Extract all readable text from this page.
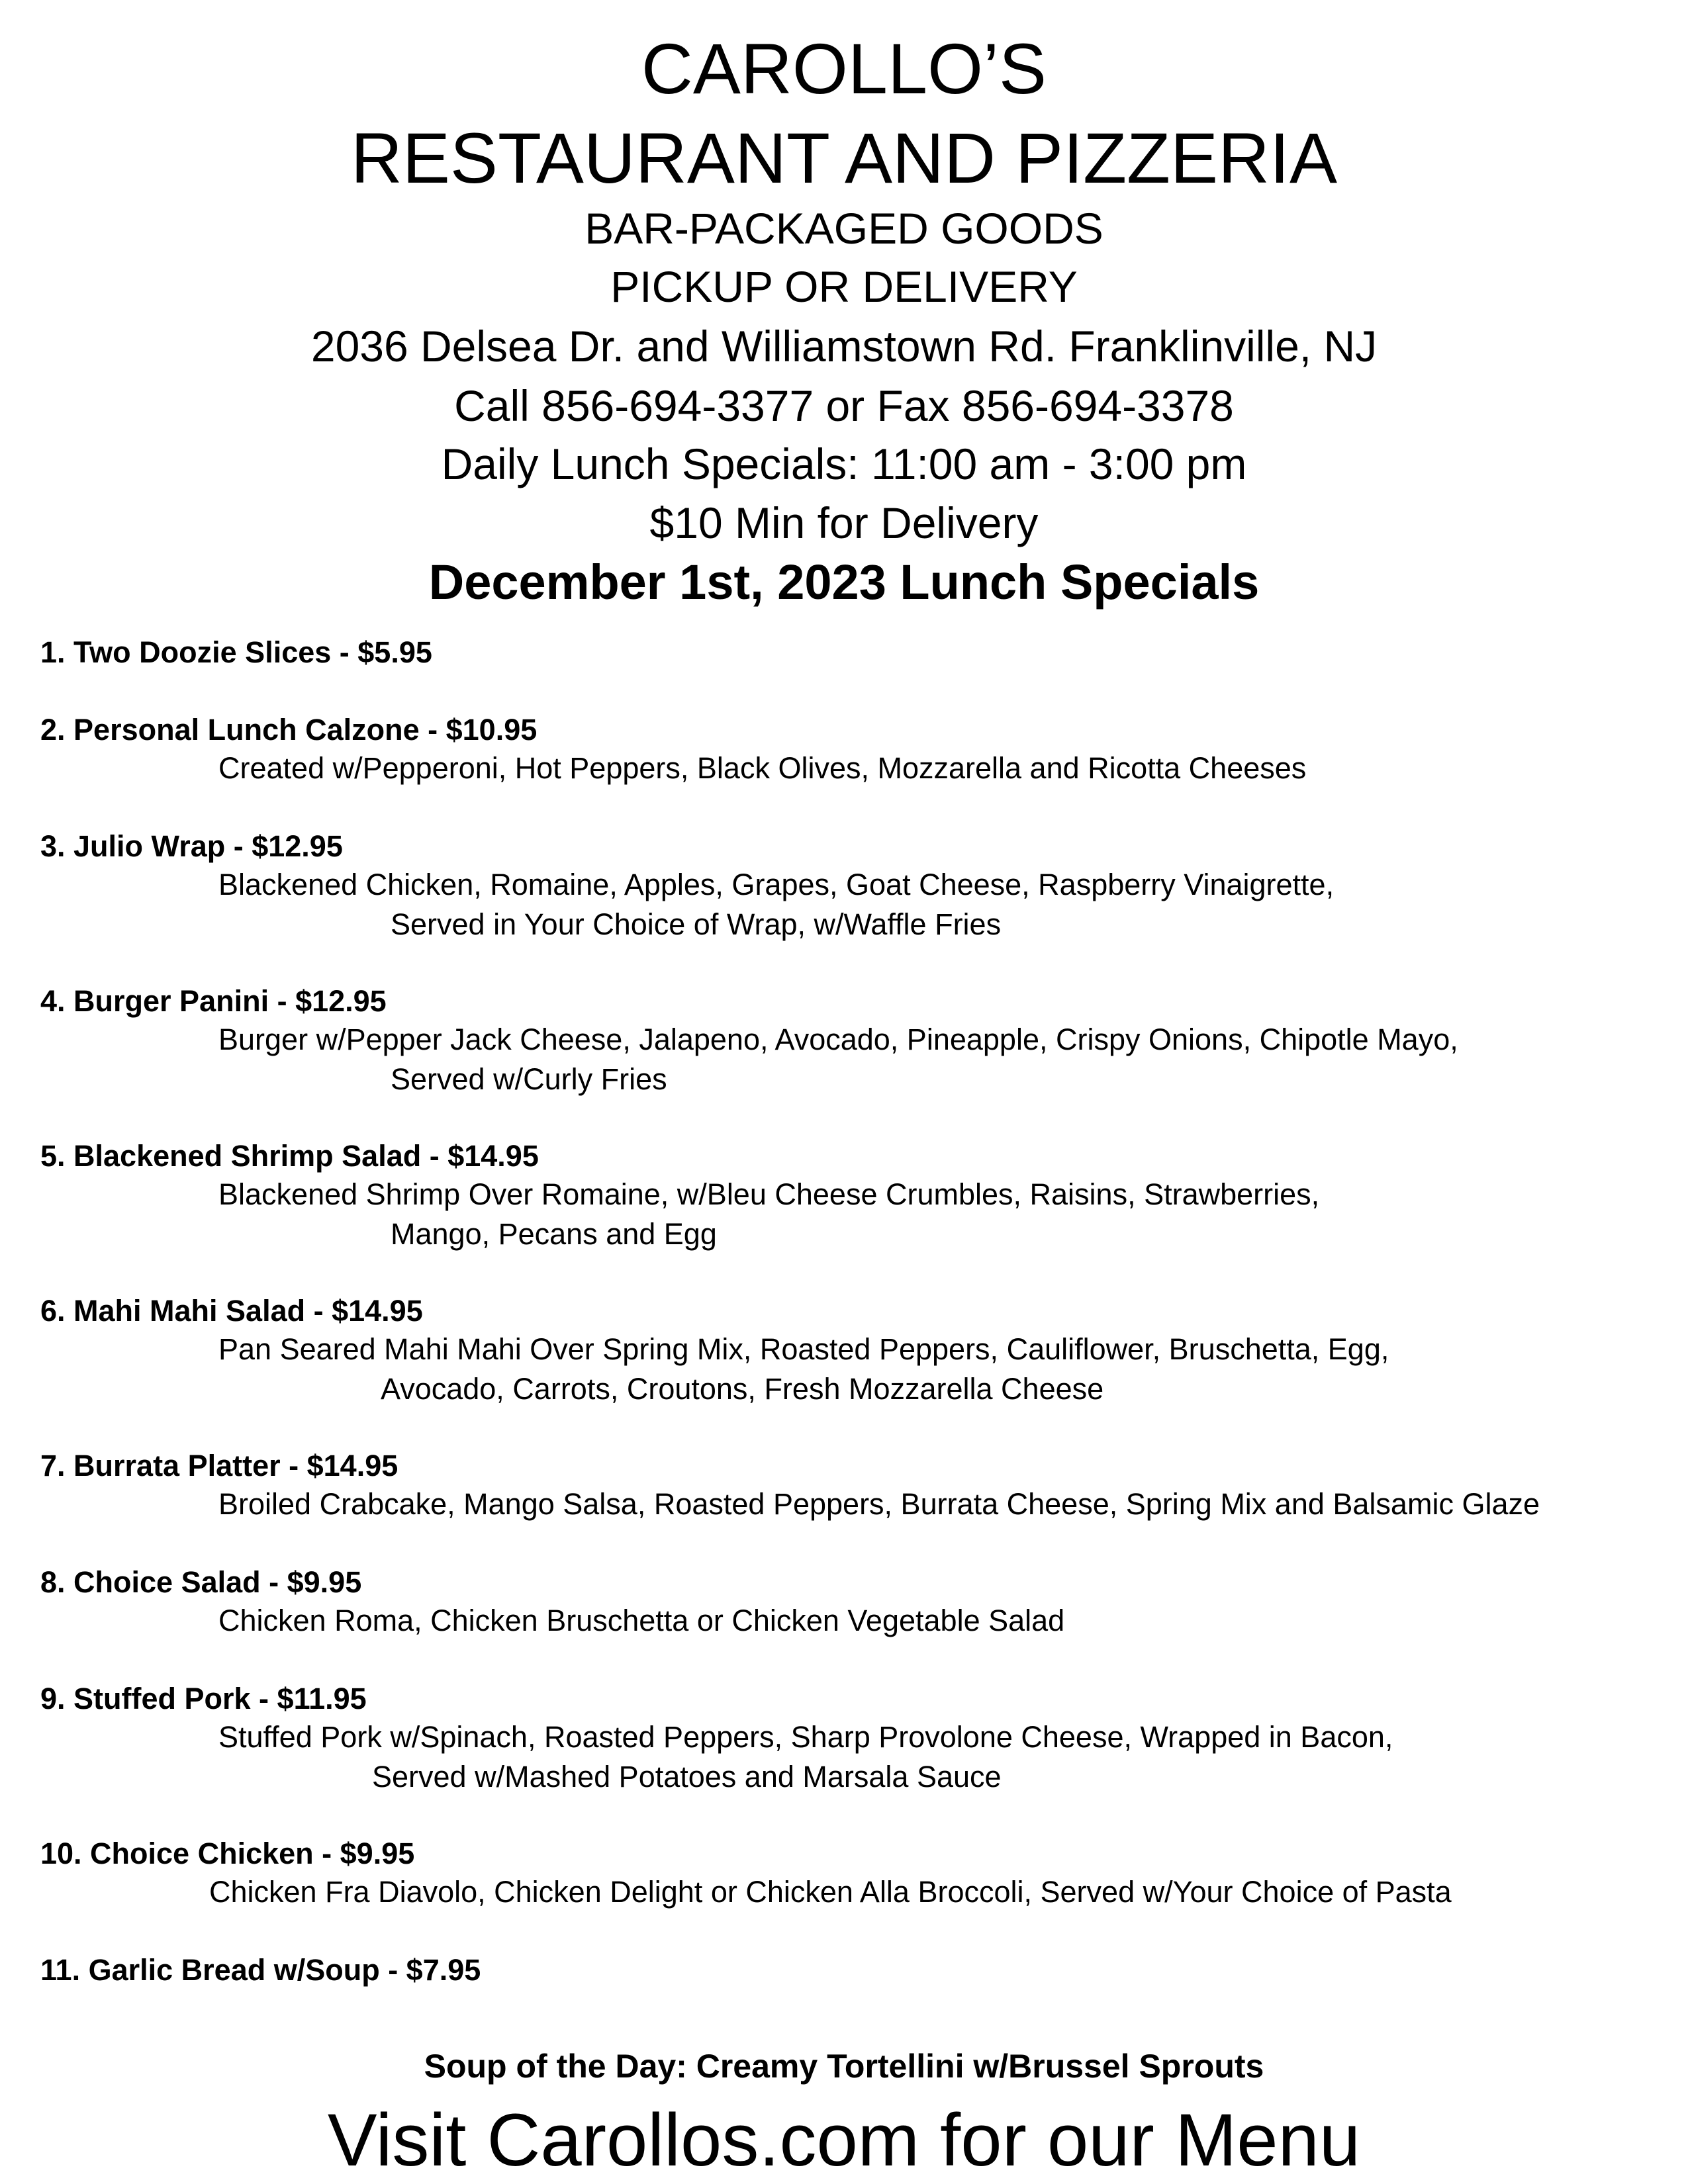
CAROLLO’S
RESTAURANT AND PIZZERIA
BAR-PACKAGED GOODS
PICKUP OR DELIVERY
2036 Delsea Dr. and Williamstown Rd. Franklinville, NJ
Call 856-694-3377 or Fax 856-694-3378
Daily Lunch Specials: 11:00 am - 3:00 pm
$10 Min for Delivery
December 1st, 2023 Lunch Specials
1. Two Doozie Slices - $5.95
2. Personal Lunch Calzone - $10.95
Created w/Pepperoni, Hot Peppers, Black Olives, Mozzarella and Ricotta Cheeses
3. Julio Wrap - $12.95
Blackened Chicken, Romaine, Apples, Grapes, Goat Cheese, Raspberry Vinaigrette,
Served in Your Choice of Wrap, w/Waffle Fries
4. Burger Panini - $12.95
Burger w/Pepper Jack Cheese, Jalapeno, Avocado, Pineapple, Crispy Onions, Chipotle Mayo,
Served w/Curly Fries
5. Blackened Shrimp Salad - $14.95
Blackened Shrimp Over Romaine, w/Bleu Cheese Crumbles, Raisins, Strawberries,
Mango, Pecans and Egg
6. Mahi Mahi Salad - $14.95
Pan Seared Mahi Mahi Over Spring Mix, Roasted Peppers, Cauliflower, Bruschetta, Egg,
Avocado, Carrots, Croutons, Fresh Mozzarella Cheese
7. Burrata Platter - $14.95
Broiled Crabcake, Mango Salsa, Roasted Peppers, Burrata Cheese, Spring Mix and Balsamic Glaze
8. Choice Salad - $9.95
Chicken Roma, Chicken Bruschetta or Chicken Vegetable Salad
9. Stuffed Pork - $11.95
Stuffed Pork w/Spinach, Roasted Peppers, Sharp Provolone Cheese, Wrapped in Bacon,
Served w/Mashed Potatoes and Marsala Sauce
10. Choice Chicken - $9.95
Chicken Fra Diavolo, Chicken Delight or Chicken Alla Broccoli, Served w/Your Choice of Pasta
11. Garlic Bread w/Soup - $7.95
Soup of the Day: Creamy Tortellini w/Brussel Sprouts
Visit Carollos.com for our Menu
